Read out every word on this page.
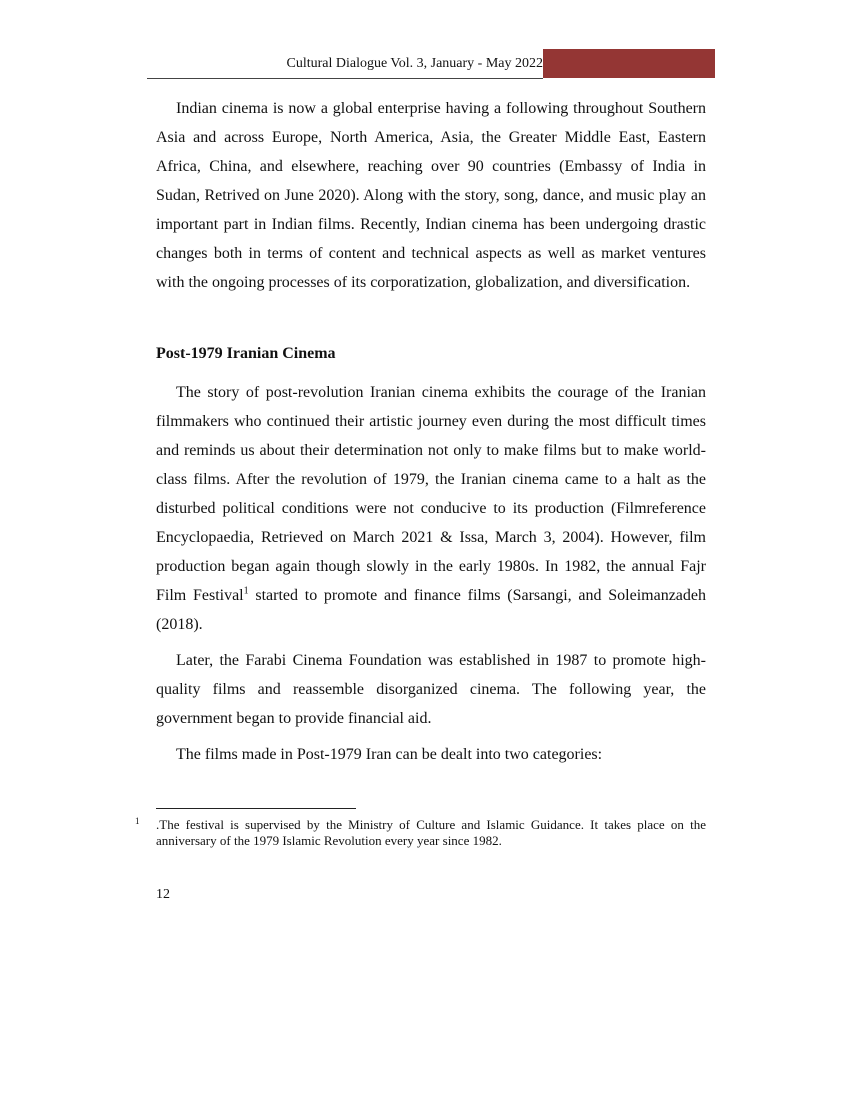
Cultural Dialogue Vol. 3, January - May 2022

Indian cinema is now a global enterprise having a following throughout Southern Asia and across Europe, North America, Asia, the Greater Middle East, Eastern Africa, China, and elsewhere, reaching over 90 countries (Embassy of India in Sudan, Retrived on June 2020). Along with the story, song, dance, and music play an important part in Indian films. Recently, Indian cinema has been undergoing drastic changes both in terms of content and technical aspects as well as market ventures with the ongoing processes of its corporatization, globalization, and diversification.

Post-1979 Iranian Cinema

The story of post-revolution Iranian cinema exhibits the courage of the Iranian filmmakers who continued their artistic journey even during the most difficult times and reminds us about their determination not only to make films but to make world-class films. After the revolution of 1979, the Iranian cinema came to a halt as the disturbed political conditions were not conducive to its production (Filmreference Encyclopaedia, Retrieved on March 2021 & Issa, March 3, 2004). However, film production began again though slowly in the early 1980s. In 1982, the annual Fajr Film Festival$^1$ started to promote and finance films (Sarsangi, and Soleimanzadeh (2018).

Later, the Farabi Cinema Foundation was established in 1987 to promote high-quality films and reassemble disorganized cinema. The following year, the government began to provide financial aid.

The films made in Post-1979 Iran can be dealt into two categories:

1 .The festival is supervised by the Ministry of Culture and Islamic Guidance. It takes place on the anniversary of the 1979 Islamic Revolution every year since 1982.

12
